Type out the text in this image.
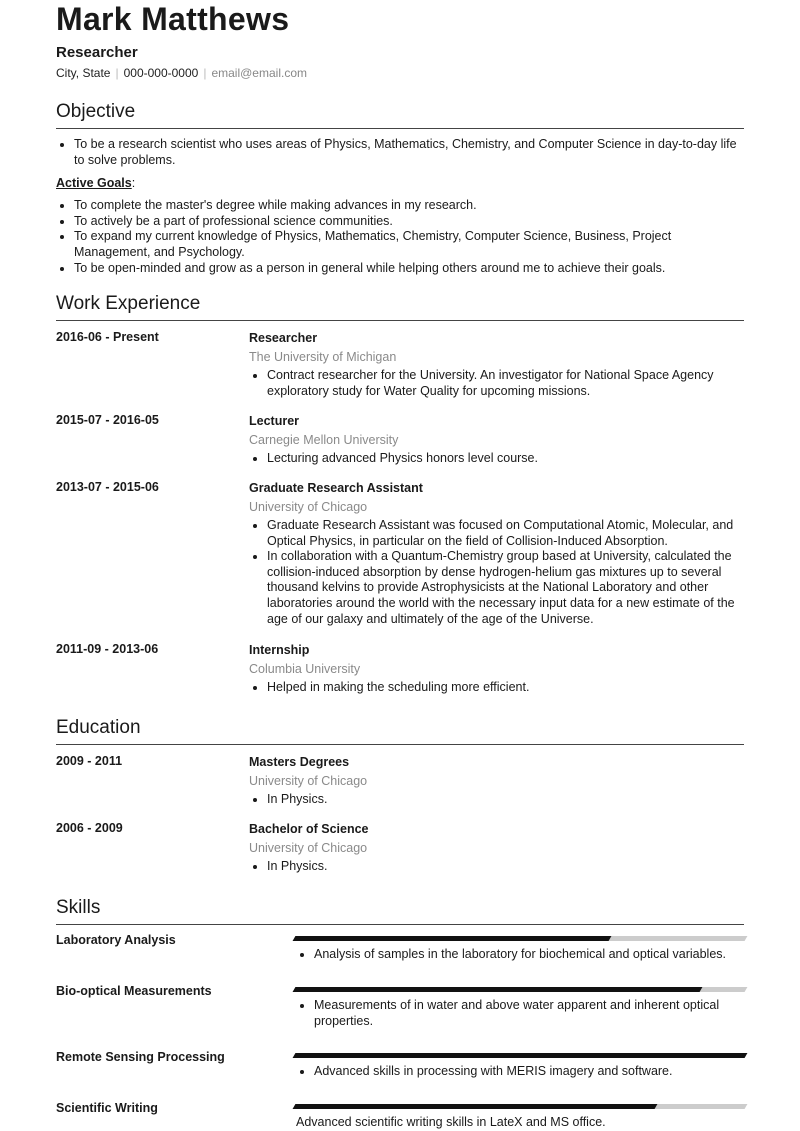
Mark Matthews
Researcher
City, State | 000-000-0000 | email@email.com
Objective
• To be a research scientist who uses areas of Physics, Mathematics, Chemistry, and Computer Science in day-to-day life to solve problems.
Active Goals:
• To complete the master's degree while making advances in my research.
• To actively be a part of professional science communities.
• To expand my current knowledge of Physics, Mathematics, Chemistry, Computer Science, Business, Project Management, and Psychology.
• To be open-minded and grow as a person in general while helping others around me to achieve their goals.
Work Experience
2016-06 - Present	Researcher
The University of Michigan
• Contract researcher for the University. An investigator for National Space Agency exploratory study for Water Quality for upcoming missions.
2015-07 - 2016-05	Lecturer
Carnegie Mellon University
• Lecturing advanced Physics honors level course.
2013-07 - 2015-06	Graduate Research Assistant
University of Chicago
• Graduate Research Assistant was focused on Computational Atomic, Molecular, and Optical Physics, in particular on the field of Collision-Induced Absorption.
• In collaboration with a Quantum-Chemistry group based at University, calculated the collision-induced absorption by dense hydrogen-helium gas mixtures up to several thousand kelvins to provide Astrophysicists at the National Laboratory and other laboratories around the world with the necessary input data for a new estimate of the age of our galaxy and ultimately of the age of the Universe.
2011-09 - 2013-06	Internship
Columbia University
• Helped in making the scheduling more efficient.
Education
2009 - 2011	Masters Degrees
University of Chicago
• In Physics.
2006 - 2009	Bachelor of Science
University of Chicago
• In Physics.
Skills
Laboratory Analysis
• Analysis of samples in the laboratory for biochemical and optical variables.
Bio-optical Measurements
• Measurements of in water and above water apparent and inherent optical properties.
Remote Sensing Processing
• Advanced skills in processing with MERIS imagery and software.
Scientific Writing
Advanced scientific writing skills in LateX and MS office.
